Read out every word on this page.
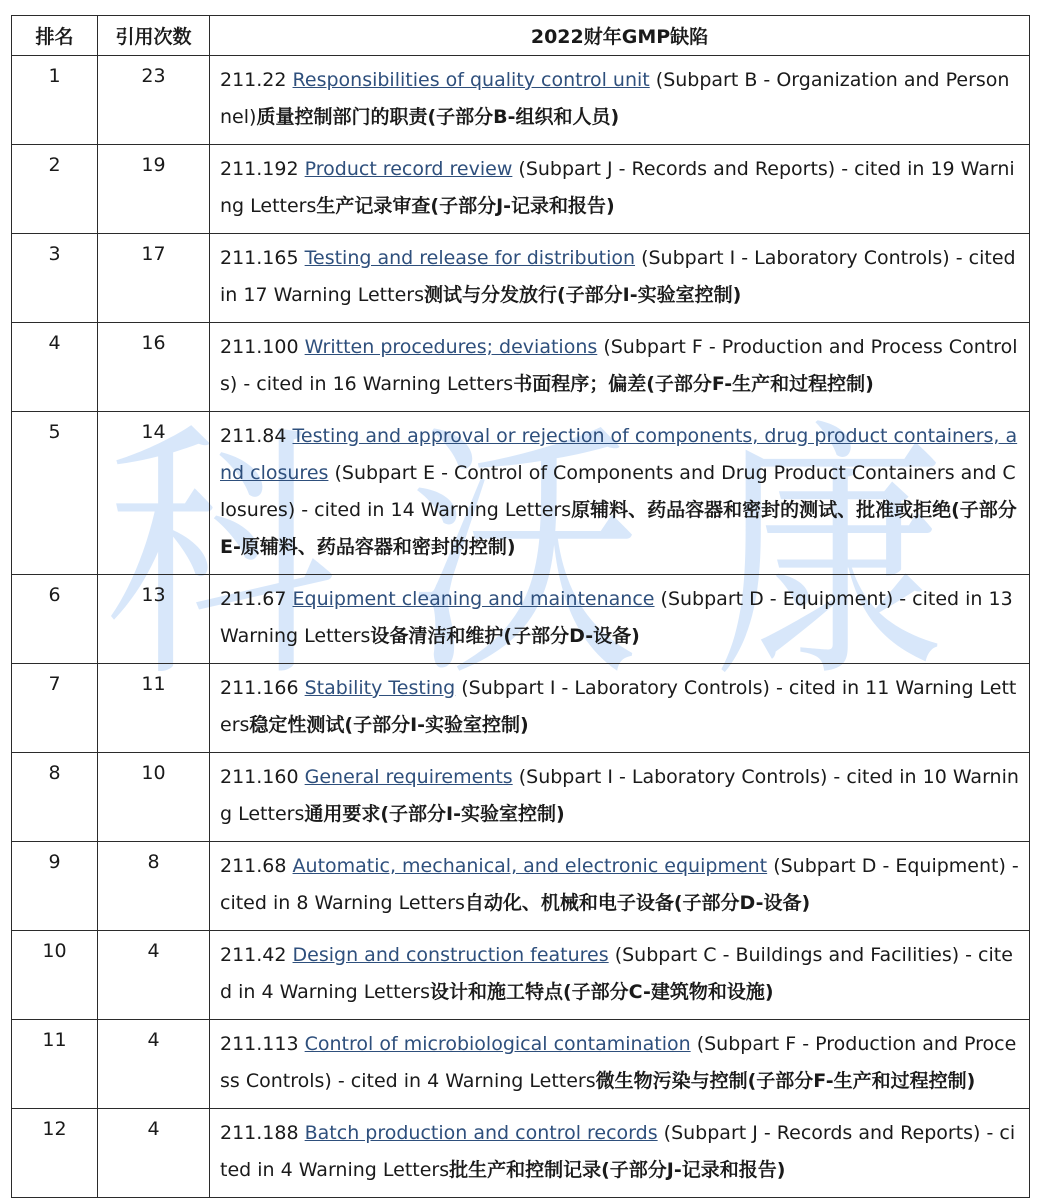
科 沃 康
排名	引用次数	2022财年GMP缺陷
1	23	211.22 Responsibilities of quality control unit (Subpart B - Organization and Personnel)质量控制部门的职责(子部分B-组织和人员)
2	19	211.192 Product record review (Subpart J - Records and Reports) - cited in 19 Warning Letters生产记录审查(子部分J-记录和报告)
3	17	211.165 Testing and release for distribution (Subpart I - Laboratory Controls) - cited in 17 Warning Letters测试与分发放行(子部分I-实验室控制)
4	16	211.100 Written procedures; deviations (Subpart F - Production and Process Controls) - cited in 16 Warning Letters书面程序；偏差(子部分F-生产和过程控制)
5	14	211.84 Testing and approval or rejection of components, drug product containers, and closures (Subpart E - Control of Components and Drug Product Containers and Closures) - cited in 14 Warning Letters原辅料、药品容器和密封的测试、批准或拒绝(子部分E-原辅料、药品容器和密封的控制)
6	13	211.67 Equipment cleaning and maintenance (Subpart D - Equipment) - cited in 13 Warning Letters设备清洁和维护(子部分D-设备)
7	11	211.166 Stability Testing (Subpart I - Laboratory Controls) - cited in 11 Warning Letters稳定性测试(子部分I-实验室控制)
8	10	211.160 General requirements (Subpart I - Laboratory Controls) - cited in 10 Warning Letters通用要求(子部分I-实验室控制)
9	8	211.68 Automatic, mechanical, and electronic equipment (Subpart D - Equipment) - cited in 8 Warning Letters自动化、机械和电子设备(子部分D-设备)
10	4	211.42 Design and construction features (Subpart C - Buildings and Facilities) - cited in 4 Warning Letters设计和施工特点(子部分C-建筑物和设施)
11	4	211.113 Control of microbiological contamination (Subpart F - Production and Process Controls) - cited in 4 Warning Letters微生物污染与控制(子部分F-生产和过程控制)
12	4	211.188 Batch production and control records (Subpart J - Records and Reports) - cited in 4 Warning Letters批生产和控制记录(子部分J-记录和报告)
